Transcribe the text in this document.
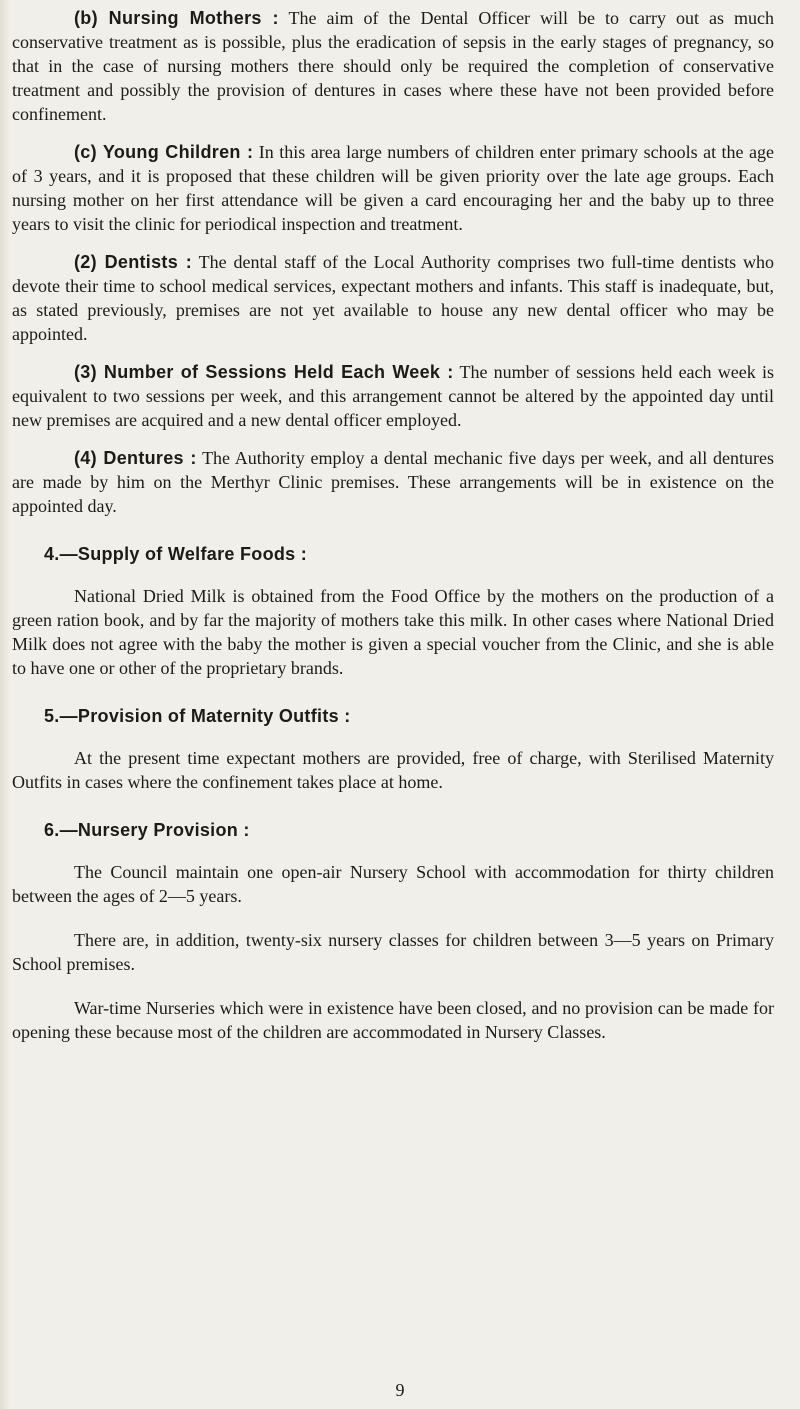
(b) Nursing Mothers : The aim of the Dental Officer will be to carry out as much conservative treatment as is possible, plus the eradication of sepsis in the early stages of pregnancy, so that in the case of nursing mothers there should only be required the completion of conservative treatment and possibly the provision of dentures in cases where these have not been provided before confinement.

(c) Young Children : In this area large numbers of children enter primary schools at the age of 3 years, and it is proposed that these children will be given priority over the late age groups. Each nursing mother on her first attendance will be given a card encouraging her and the baby up to three years to visit the clinic for periodical inspection and treatment.

(2) Dentists : The dental staff of the Local Authority comprises two full-time dentists who devote their time to school medical services, expectant mothers and infants. This staff is inadequate, but, as stated previously, premises are not yet available to house any new dental officer who may be appointed.

(3) Number of Sessions Held Each Week : The number of sessions held each week is equivalent to two sessions per week, and this arrangement cannot be altered by the appointed day until new premises are acquired and a new dental officer employed.

(4) Dentures : The Authority employ a dental mechanic five days per week, and all dentures are made by him on the Merthyr Clinic premises. These arrangements will be in existence on the appointed day.

4.—Supply of Welfare Foods :

National Dried Milk is obtained from the Food Office by the mothers on the production of a green ration book, and by far the majority of mothers take this milk. In other cases where National Dried Milk does not agree with the baby the mother is given a special voucher from the Clinic, and she is able to have one or other of the proprietary brands.

5.—Provision of Maternity Outfits :

At the present time expectant mothers are provided, free of charge, with Sterilised Maternity Outfits in cases where the confinement takes place at home.

6.—Nursery Provision :

The Council maintain one open-air Nursery School with accommodation for thirty children between the ages of 2—5 years.

There are, in addition, twenty-six nursery classes for children between 3—5 years on Primary School premises.

War-time Nurseries which were in existence have been closed, and no provision can be made for opening these because most of the children are accommodated in Nursery Classes.

9
